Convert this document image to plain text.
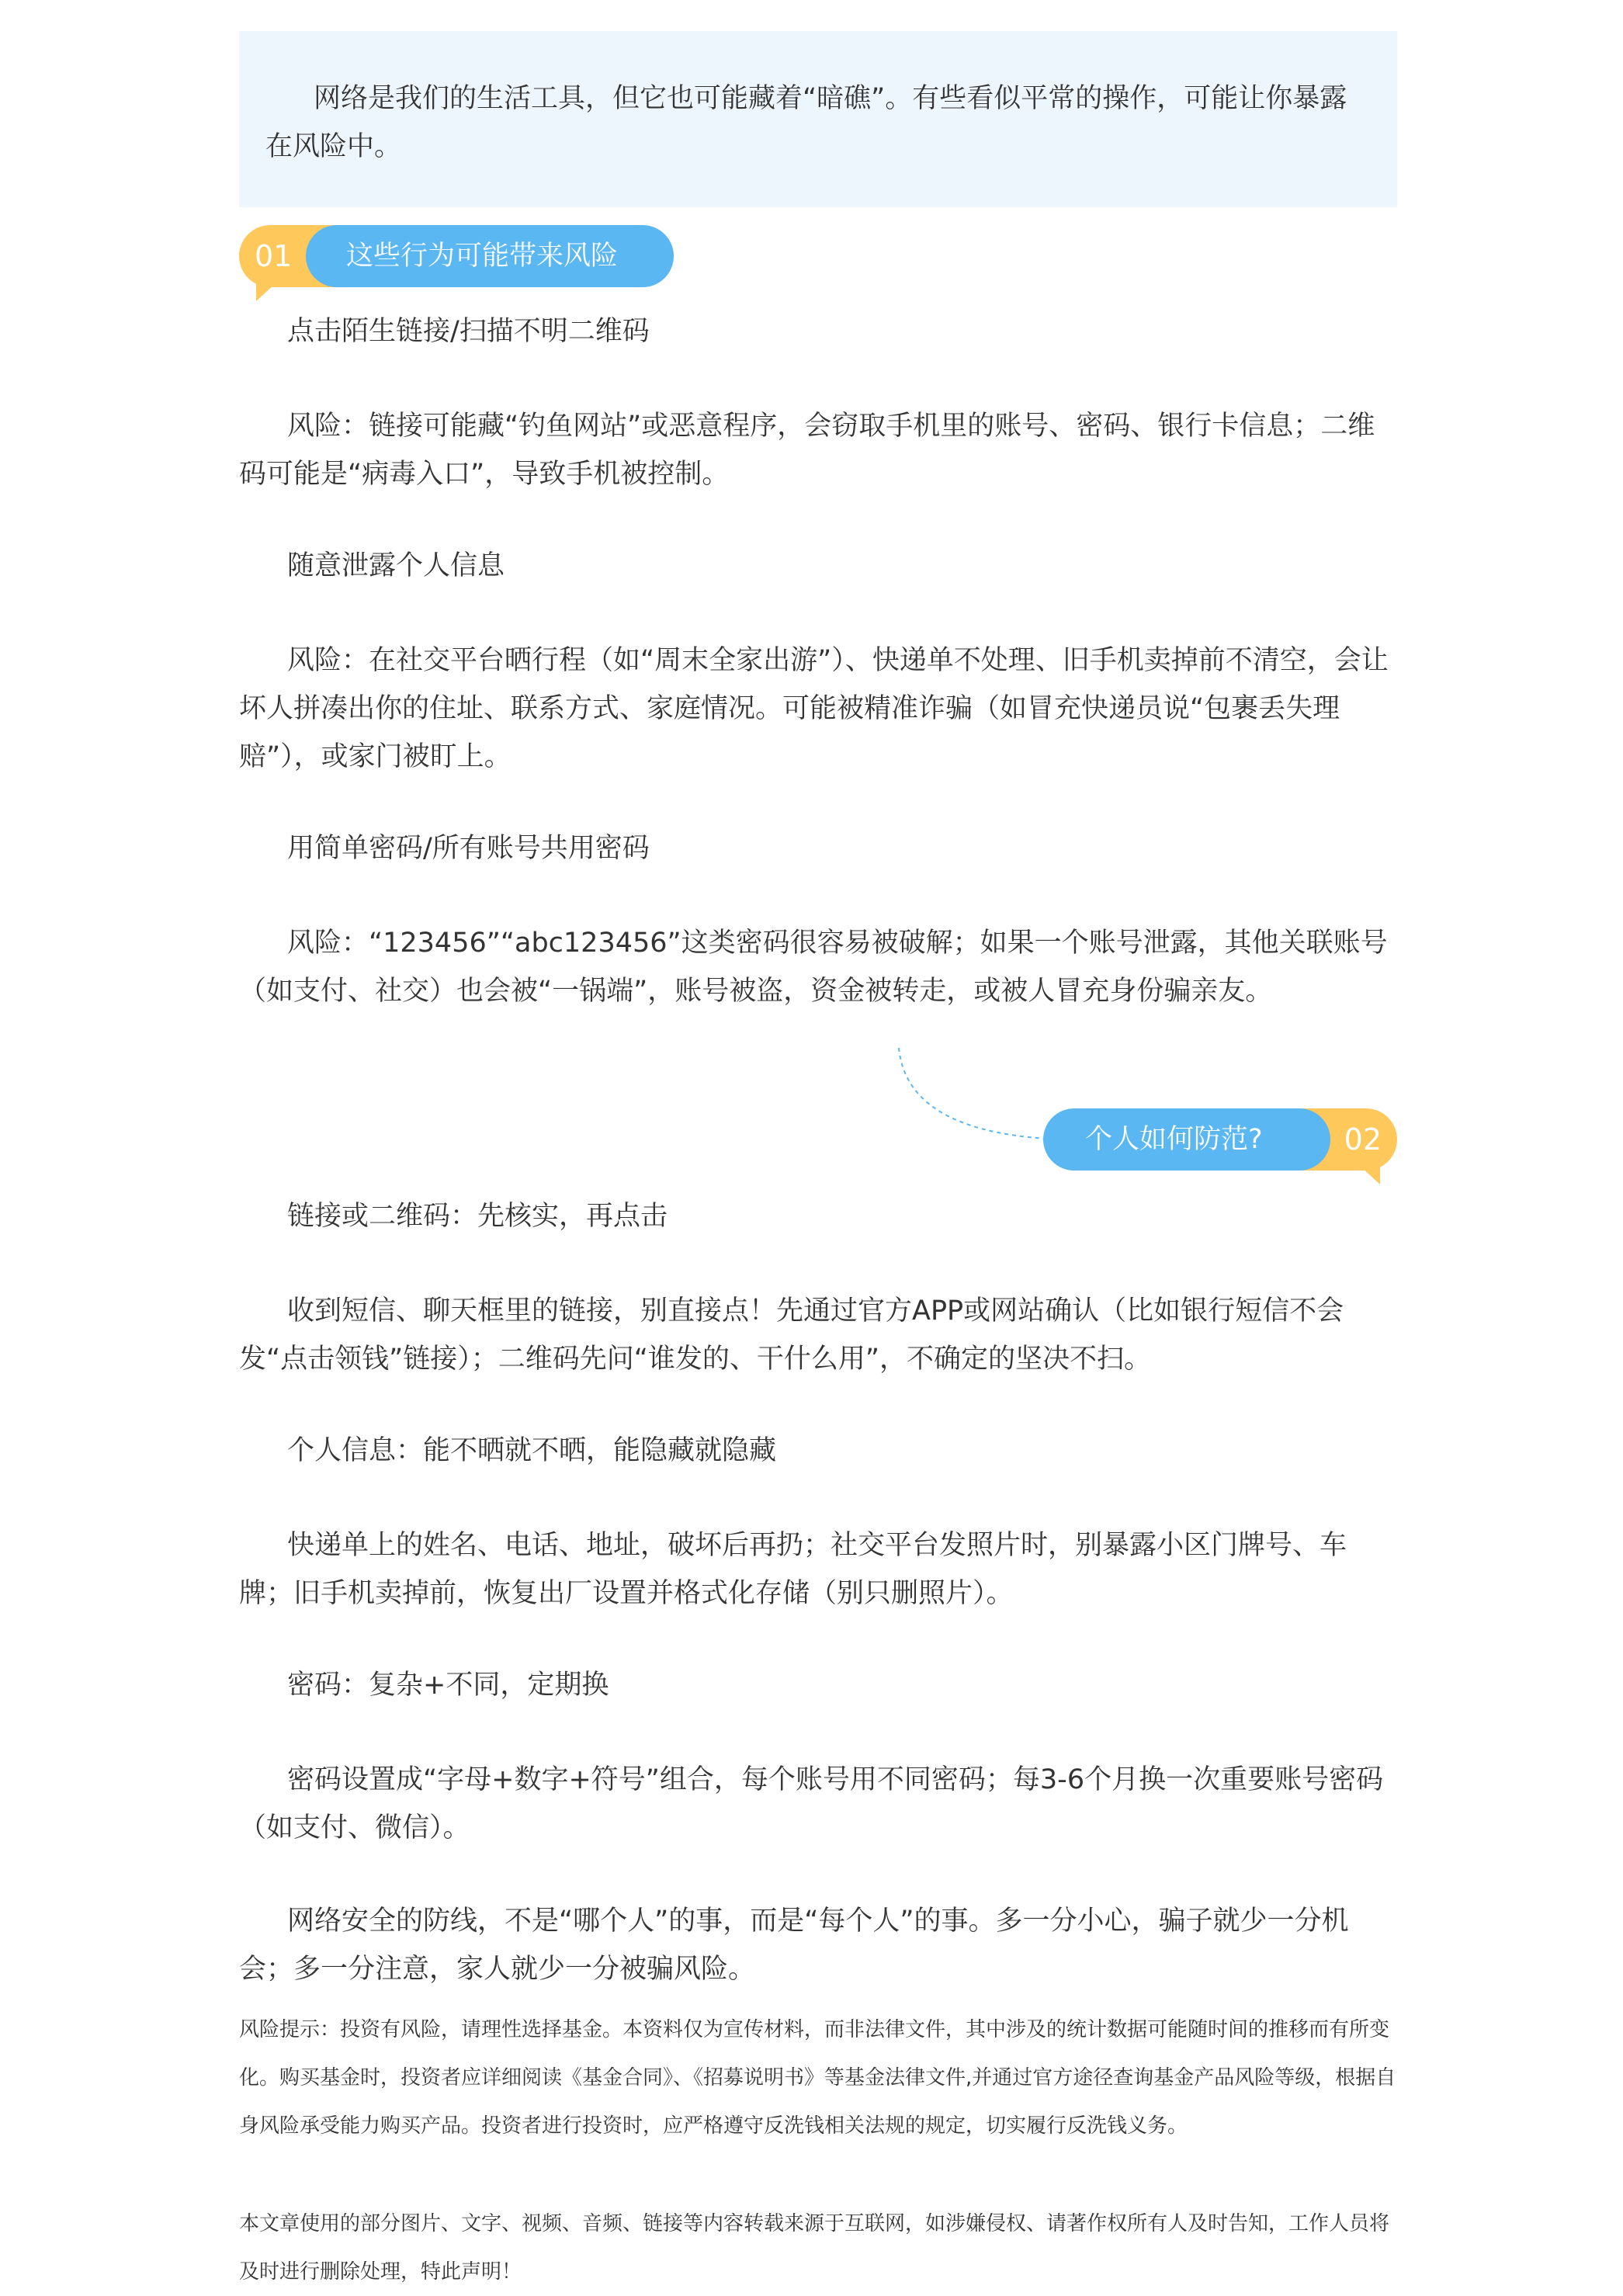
网络是我们的生活工具，但它也可能藏着“暗礁”。有些看似平常的操作，可能让你暴露在风险中。
01 这些行为可能带来风险
点击陌生链接/扫描不明二维码
风险：链接可能藏“钓鱼网站”或恶意程序，会窃取手机里的账号、密码、银行卡信息；二维码可能是“病毒入口”，导致手机被控制。
随意泄露个人信息
风险：在社交平台晒行程（如“周末全家出游”）、快递单不处理、旧手机卖掉前不清空，会让坏人拼凑出你的住址、联系方式、家庭情况。可能被精准诈骗（如冒充快递员说“包裹丢失理赔”），或家门被盯上。
用简单密码/所有账号共用密码
风险：“123456”“abc123456”这类密码很容易被破解；如果一个账号泄露，其他关联账号（如支付、社交）也会被“一锅端”，账号被盗，资金被转走，或被人冒充身份骗亲友。
02
个人如何防范?
链接或二维码：先核实，再点击
收到短信、聊天框里的链接，别直接点！先通过官方APP或网站确认（比如银行短信不会发“点击领钱”链接）；二维码先问“谁发的、干什么用”，不确定的坚决不扫。
个人信息：能不晒就不晒，能隐藏就隐藏
快递单上的姓名、电话、地址，破坏后再扔；社交平台发照片时，别暴露小区门牌号、车牌；旧手机卖掉前，恢复出厂设置并格式化存储（别只删照片）。
密码：复杂+不同，定期换
密码设置成“字母+数字+符号”组合，每个账号用不同密码；每3-6个月换一次重要账号密码（如支付、微信）。
网络安全的防线，不是“哪个人”的事，而是“每个人”的事。多一分小心，骗子就少一分机会；多一分注意，家人就少一分被骗风险。
风险提示：投资有风险，请理性选择基金。本资料仅为宣传材料，而非法律文件，其中涉及的统计数据可能随时间的推移而有所变化。购买基金时，投资者应详细阅读《基金合同》、《招募说明书》等基金法律文件,并通过官方途径查询基金产品风险等级，根据自身风险承受能力购买产品。投资者进行投资时，应严格遵守反洗钱相关法规的规定，切实履行反洗钱义务。
本文章使用的部分图片、文字、视频、音频、链接等内容转载来源于互联网，如涉嫌侵权、请著作权所有人及时告知，工作人员将及时进行删除处理，特此声明！
